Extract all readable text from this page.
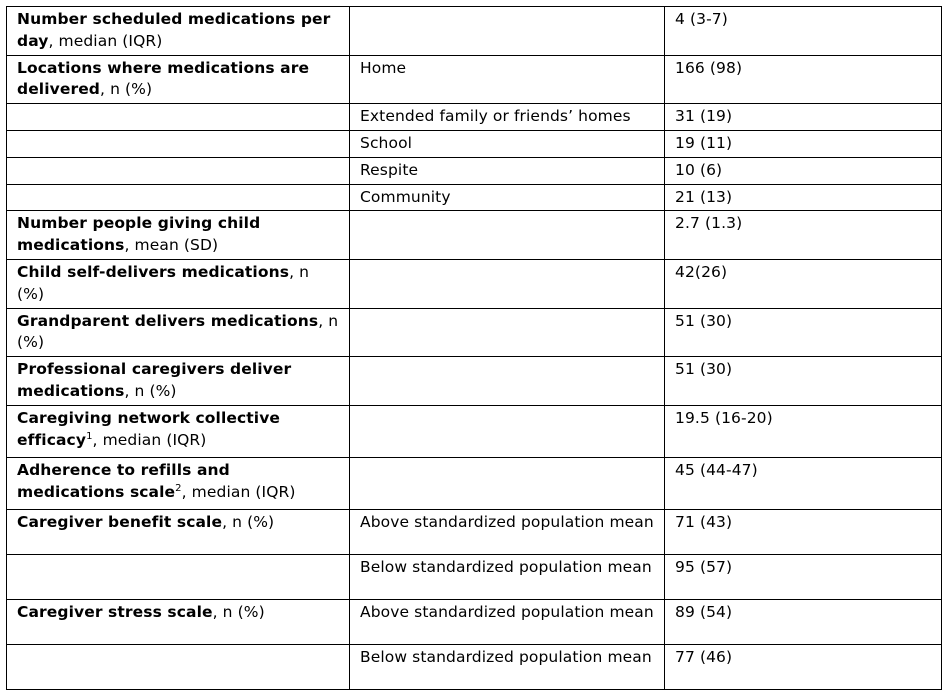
Number scheduled medications per day, median (IQR)		4 (3-7)
Locations where medications are delivered, n (%)	Home	166 (98)
	Extended family or friends’ homes	31 (19)
	School	19 (11)
	Respite	10 (6)
	Community	21 (13)
Number people giving child medications, mean (SD)		2.7 (1.3)
Child self-delivers medications, n (%)		42(26)
Grandparent delivers medications, n (%)		51 (30)
Professional caregivers deliver medications, n (%)		51 (30)
Caregiving network collective efficacy$^1$, median (IQR)		19.5 (16-20)
Adherence to refills and medications scale$^2$, median (IQR)		45 (44-47)
Caregiver benefit scale, n (%)	Above standardized population mean	71 (43)
	Below standardized population mean	95 (57)
Caregiver stress scale, n (%)	Above standardized population mean	89 (54)
	Below standardized population mean	77 (46)
